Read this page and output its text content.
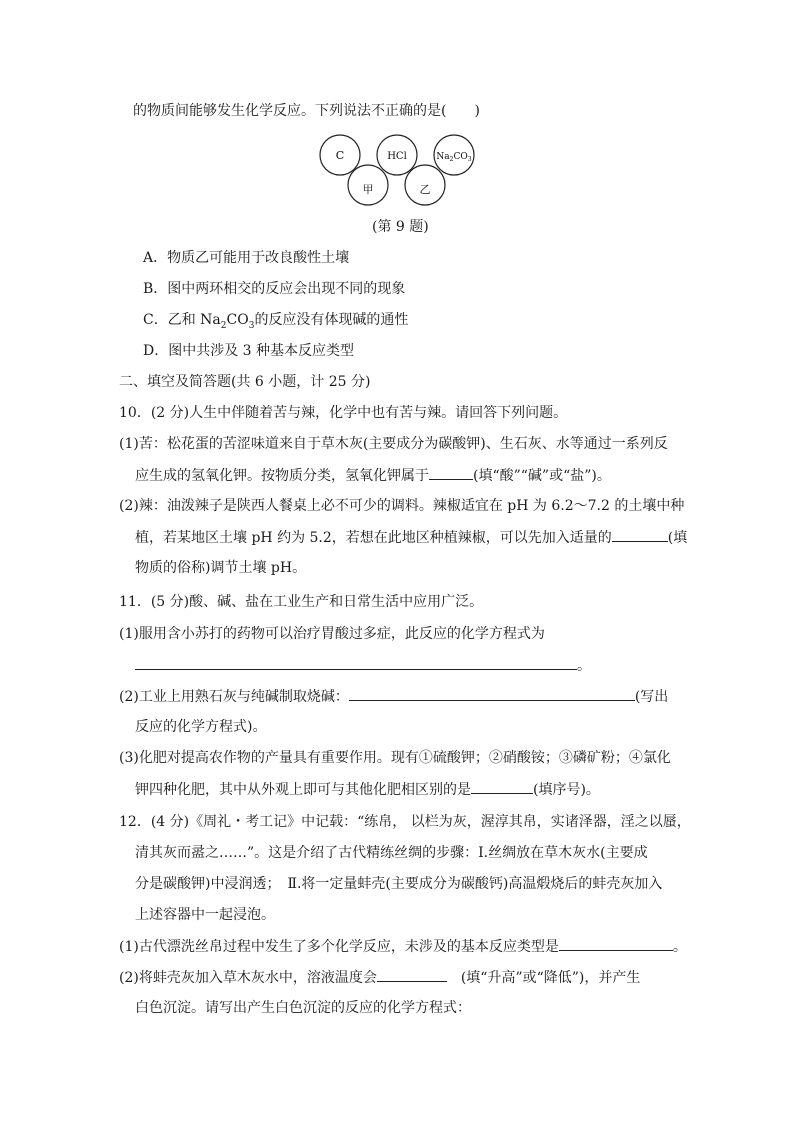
的物质间能够发生化学反应。下列说法不正确的是(　　)
C	HCl	$Na_2CO_3$
甲	乙
(第 9 题)
A．物质乙可能用于改良酸性土壤
B．图中两环相交的反应会出现不同的现象
C．乙和 $Na_2CO_3$的反应没有体现碱的通性
D．图中共涉及 3 种基本反应类型
二、填空及简答题(共 6 小题，计 25 分)
10．(2 分)人生中伴随着苦与辣，化学中也有苦与辣。请回答下列问题。
(1)苦：松花蛋的苦涩味道来自于草木灰(主要成分为碳酸钾)、生石灰、水等通过一系列反
应生成的氢氧化钾。按物质分类，氢氧化钾属于	(填“酸”“碱”或“盐”)。
(2)辣：油泼辣子是陕西人餐桌上必不可少的调料。辣椒适宜在 pH 为 6.2～7.2 的土壤中种
植，若某地区土壤 pH 约为 5.2，若想在此地区种植辣椒，可以先加入适量的	(填
物质的俗称)调节土壤 pH。
11．(5 分)酸、碱、盐在工业生产和日常生活中应用广泛。
(1)服用含小苏打的药物可以治疗胃酸过多症，此反应的化学方程式为
。
(2)工业上用熟石灰与纯碱制取烧碱：	(写出
反应的化学方程式)。
(3)化肥对提高农作物的产量具有重要作用。现有①硫酸钾；②硝酸铵；③磷矿粉；④氯化
钾四种化肥，其中从外观上即可与其他化肥相区别的是	(填序号)。
12．(4 分)《周礼・考工记》中记载：“练帛， 以栏为灰，渥淳其帛，实诸泽器，淫之以蜃，
清其灰而盝之……”。这是介绍了古代精练丝绸的步骤：Ⅰ.丝绸放在草木灰水(主要成
分是碳酸钾)中浸润透；　Ⅱ.将一定量蚌壳(主要成分为碳酸钙)高温煅烧后的蚌壳灰加入
上述容器中一起浸泡。
(1)古代漂洗丝帛过程中发生了多个化学反应，未涉及的基本反应类型是	。
(2)将蚌壳灰加入草木灰水中，溶液温度会	　(填“升高”或“降低”)，并产生
白色沉淀。请写出产生白色沉淀的反应的化学方程式：
